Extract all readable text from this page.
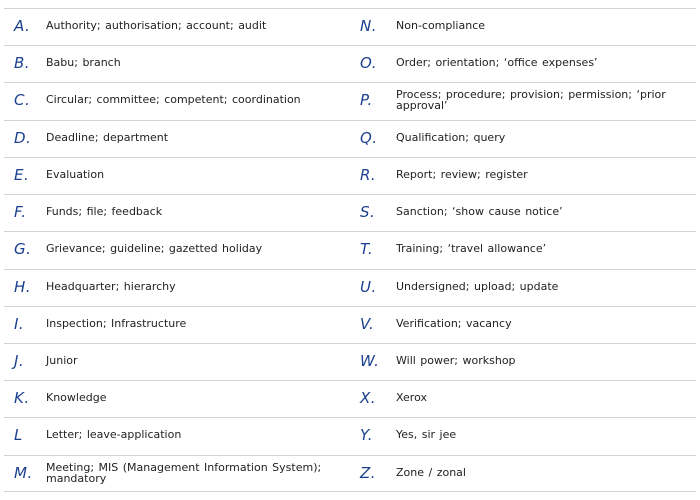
A. Authority; authorisation; account; audit	N. Non-compliance
B. Babu; branch	O. Order; orientation; ‘office expenses’
C. Circular; committee; competent; coordination	P. Process; procedure; provision; permission; ‘prior approval’
D. Deadline; department	Q. Qualification; query
E. Evaluation	R. Report; review; register
F. Funds; file; feedback	S. Sanction; ‘show cause notice’
G. Grievance; guideline; gazetted holiday	T. Training; ‘travel allowance’
H. Headquarter; hierarchy	U. Undersigned; upload; update
I. Inspection; Infrastructure	V. Verification; vacancy
J. Junior	W. Will power; workshop
K. Knowledge	X. Xerox
L Letter; leave-application	Y. Yes, sir jee
M. Meeting; MIS (Management Information System); mandatory	Z. Zone / zonal
